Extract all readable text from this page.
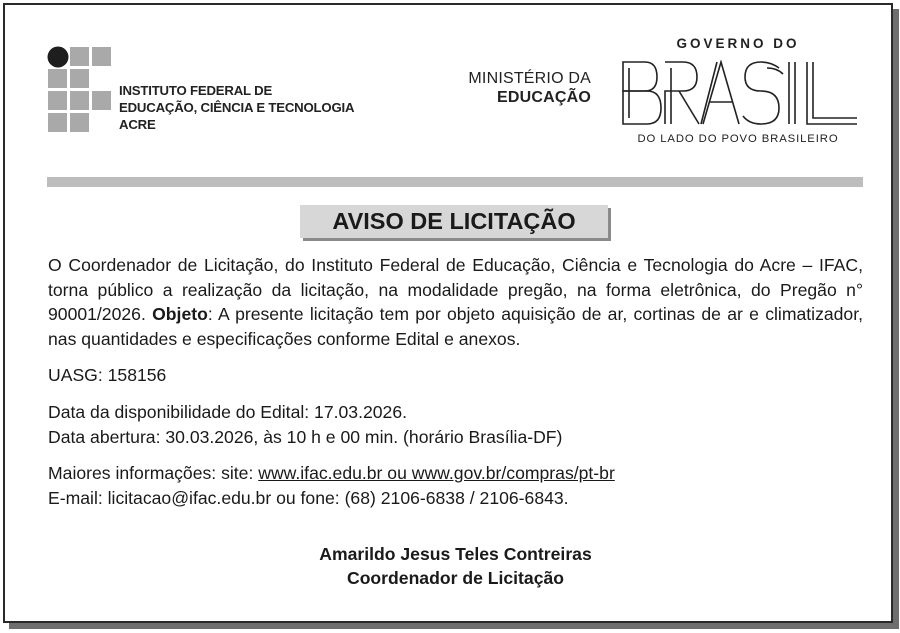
INSTITUTO FEDERAL DE
EDUCAÇÃO, CIÊNCIA E TECNOLOGIA
ACRE
MINISTÉRIO DA
EDUCAÇÃO
GOVERNO DO
DO LADO DO POVO BRASILEIRO
AVISO DE LICITAÇÃO
O Coordenador de Licitação, do Instituto Federal de Educação, Ciência e Tecnologia do Acre – IFAC, torna público a realização da licitação, na modalidade pregão, na forma eletrônica, do Pregão n° 90001/2026. Objeto: A presente licitação tem por objeto aquisição de ar, cortinas de ar e climatizador, nas quantidades e especificações conforme Edital e anexos.
UASG: 158156
Data da disponibilidade do Edital: 17.03.2026.
Data abertura: 30.03.2026, às 10 h e 00 min. (horário Brasília-DF)
Maiores informações: site: www.ifac.edu.br ou www.gov.br/compras/pt-br
E-mail: licitacao@ifac.edu.br ou fone: (68) 2106-6838 / 2106-6843.
Amarildo Jesus Teles Contreiras
Coordenador de Licitação
